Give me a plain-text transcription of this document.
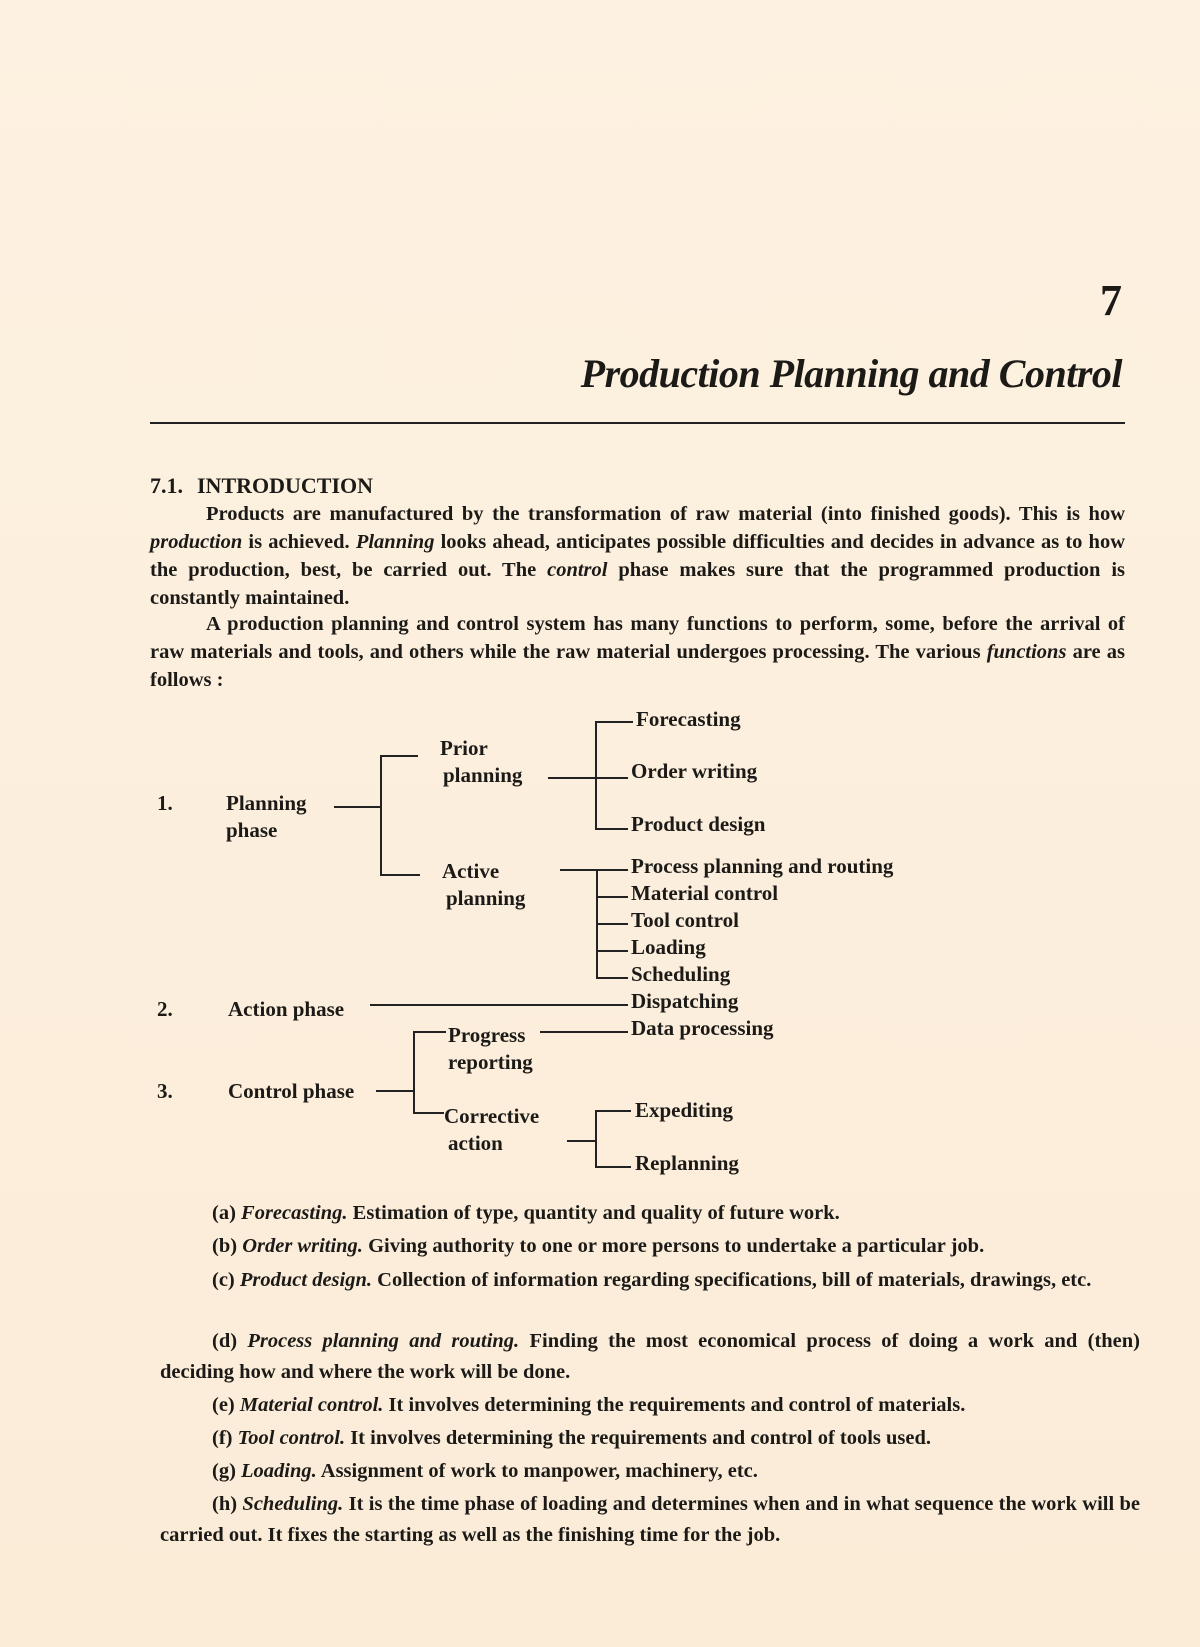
7
Production Planning and Control
7.1. INTRODUCTION

Products are manufactured by the transformation of raw material (into finished goods). This is how production is achieved. Planning looks ahead, anticipates possible difficulties and decides in advance as to how the production, best, be carried out. The control phase makes sure that the programmed production is constantly maintained.

A production planning and control system has many functions to perform, some, before the arrival of raw materials and tools, and others while the raw material undergoes processing. The various functions are as follows :

1.	Planning
phase
2.	Action phase
3.	Control phase
Prior
planning
Active
planning
Progress
reporting
Corrective
action
Forecasting
Order writing
Product design
Process planning and routing
Material control
Tool control
Loading
Scheduling
Dispatching
Data processing
Expediting
Replanning

(a) Forecasting. Estimation of type, quantity and quality of future work.

(b) Order writing. Giving authority to one or more persons to undertake a particular job.

(c) Product design. Collection of information regarding specifications, bill of materials, drawings, etc.

(d) Process planning and routing. Finding the most economical process of doing a work and (then) deciding how and where the work will be done.

(e) Material control. It involves determining the requirements and control of materials.

(f) Tool control. It involves determining the requirements and control of tools used.

(g) Loading. Assignment of work to manpower, machinery, etc.

(h) Scheduling. It is the time phase of loading and determines when and in what sequence the work will be carried out. It fixes the starting as well as the finishing time for the job.
